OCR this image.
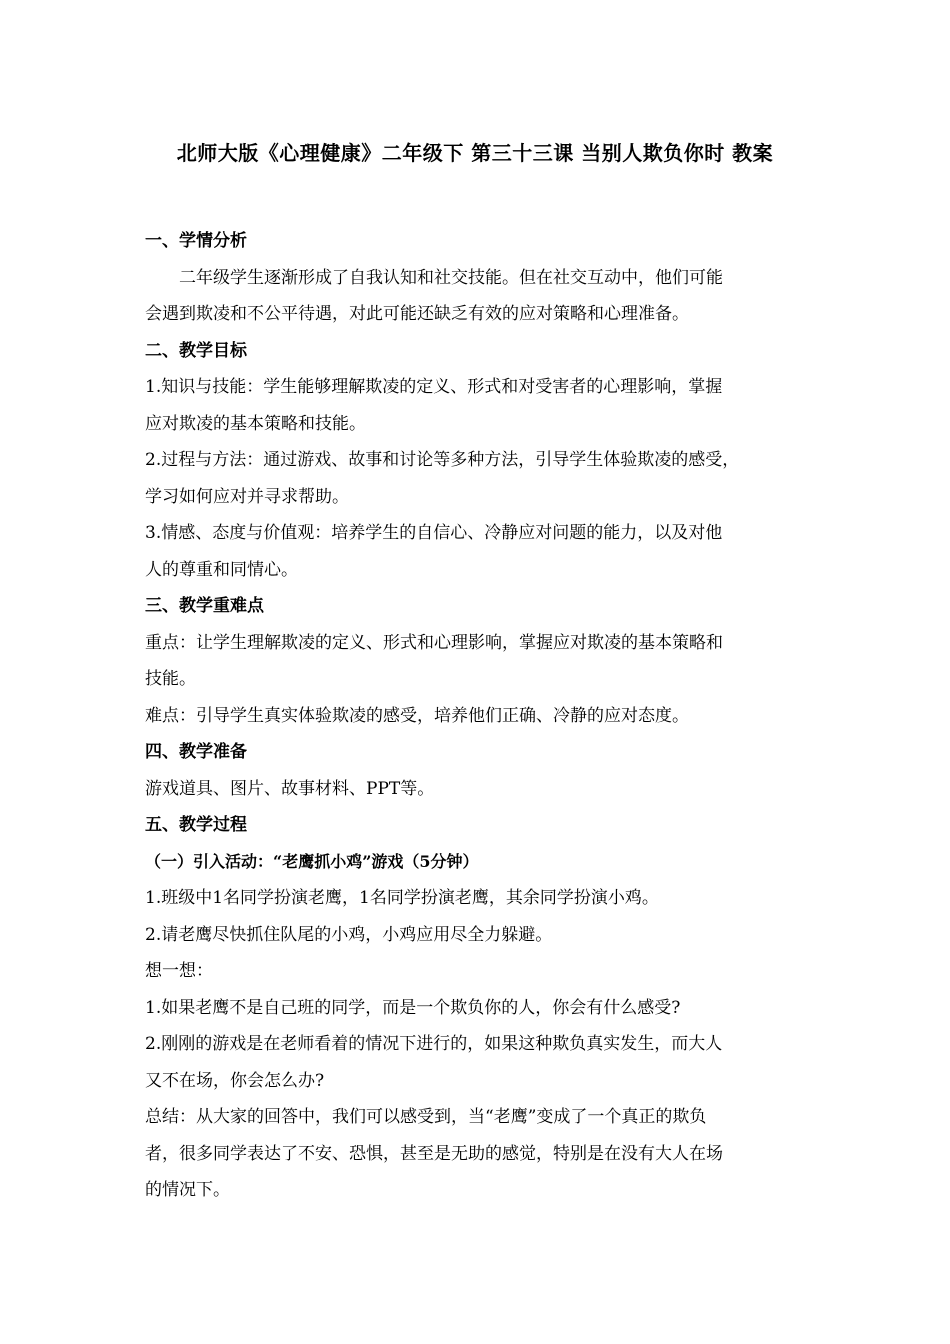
北师大版《心理健康》二年级下 第三十三课 当别人欺负你时 教案

一、学情分析

二年级学生逐渐形成了自我认知和社交技能。但在社交互动中，他们可能
会遇到欺凌和不公平待遇，对此可能还缺乏有效的应对策略和心理准备。

二、教学目标

1.知识与技能：学生能够理解欺凌的定义、形式和对受害者的心理影响，掌握
应对欺凌的基本策略和技能。

2.过程与方法：通过游戏、故事和讨论等多种方法，引导学生体验欺凌的感受，
学习如何应对并寻求帮助。

3.情感、态度与价值观：培养学生的自信心、冷静应对问题的能力，以及对他
人的尊重和同情心。

三、教学重难点

重点：让学生理解欺凌的定义、形式和心理影响，掌握应对欺凌的基本策略和
技能。

难点：引导学生真实体验欺凌的感受，培养他们正确、冷静的应对态度。

四、教学准备

游戏道具、图片、故事材料、PPT等。

五、教学过程

（一）引入活动：“老鹰抓小鸡”游戏（5分钟）

1.班级中1名同学扮演老鹰，1名同学扮演老鹰，其余同学扮演小鸡。

2.请老鹰尽快抓住队尾的小鸡，小鸡应用尽全力躲避。

想一想：

1.如果老鹰不是自己班的同学，而是一个欺负你的人，你会有什么感受?

2.刚刚的游戏是在老师看着的情况下进行的，如果这种欺负真实发生，而大人
又不在场，你会怎么办?

总结：从大家的回答中，我们可以感受到，当“老鹰”变成了一个真正的欺负
者，很多同学表达了不安、恐惧，甚至是无助的感觉，特别是在没有大人在场
的情况下。
